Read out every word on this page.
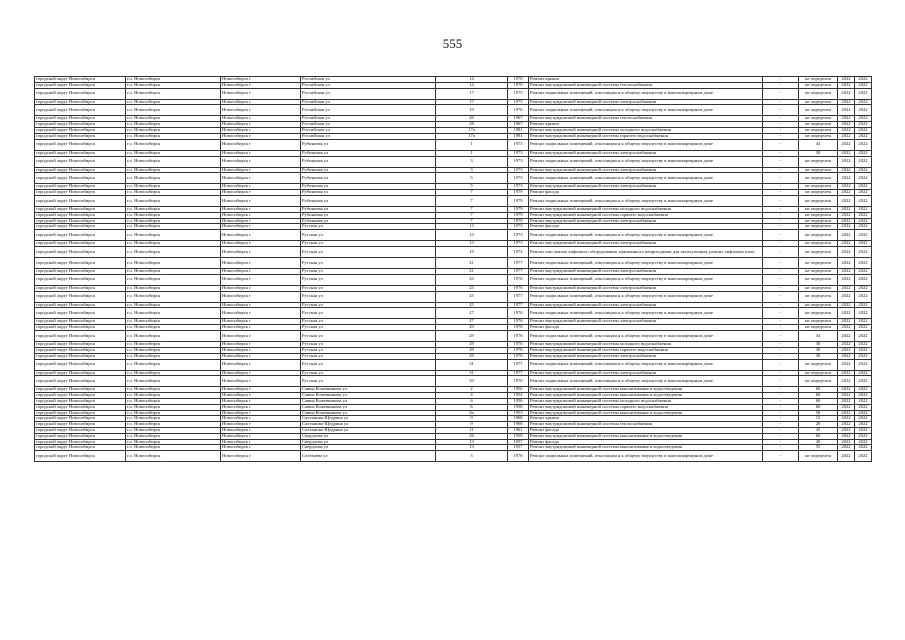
555
городской округ Новосибирск	г.о. Новосибирск	Новосибирск г	Российская ул	14	1970	Ремонт крыши	-	не определен	2022	2022
городской округ Новосибирск	г.о. Новосибирск	Новосибирск г	Российская ул	14	1970	Ремонт внутридомовой инженерной системы теплоснабжения	-	не определен	2022	2022
городской округ Новосибирск	г.о. Новосибирск	Новосибирск г	Российская ул	17	1975	Ремонт подвальных помещений, относящихся к общему имуществу в многоквартирном доме	-	не определен	2022	2022
городской округ Новосибирск	г.о. Новосибирск	Новосибирск г	Российская ул	17	1975	Ремонт внутридомовой инженерной системы электроснабжения	-	не определен	2022	2022
городской округ Новосибирск	г.о. Новосибирск	Новосибирск г	Российская ул	19	1976	Ремонт подвальных помещений, относящихся к общему имуществу в многоквартирном доме	-	не определен	2022	2022
городской округ Новосибирск	г.о. Новосибирск	Новосибирск г	Российская ул	26	1967	Ремонт внутридомовой инженерной системы теплоснабжения	-	не определен	2022	2022
городской округ Новосибирск	г.о. Новосибирск	Новосибирск г	Российская ул	28	1967	Ремонт крыши	-	не определен	2022	2022
городской округ Новосибирск	г.о. Новосибирск	Новосибирск г	Российская ул	17а	1981	Ремонт внутридомовой инженерной системы холодного водоснабжения	-	не определен	2022	2022
городской округ Новосибирск	г.о. Новосибирск	Новосибирск г	Российская ул	17а	1981	Ремонт внутридомовой инженерной системы горячего водоснабжения	-	не определен	2022	2022
городской округ Новосибирск	г.о. Новосибирск	Новосибирск г	Рубиновая ул	1	1973	Ремонт подвальных помещений, относящихся к общему имуществу в многоквартирном доме	-	44	2022	2022
городской округ Новосибирск	г.о. Новосибирск	Новосибирск г	Рубиновая ул	1	1973	Ремонт внутридомовой инженерной системы электроснабжения	-	30	2022	2022
городской округ Новосибирск	г.о. Новосибирск	Новосибирск г	Рубиновая ул	3	1973	Ремонт подвальных помещений, относящихся к общему имуществу в многоквартирном доме	-	не определен	2022	2022
городской округ Новосибирск	г.о. Новосибирск	Новосибирск г	Рубиновая ул	3	1973	Ремонт внутридомовой инженерной системы электроснабжения	-	не определен	2022	2022
городской округ Новосибирск	г.о. Новосибирск	Новосибирск г	Рубиновая ул	5	1973	Ремонт подвальных помещений, относящихся к общему имуществу в многоквартирном доме	-	не определен	2022	2022
городской округ Новосибирск	г.о. Новосибирск	Новосибирск г	Рубиновая ул	5	1973	Ремонт внутридомовой инженерной системы электроснабжения	-	не определен	2022	2022
городской округ Новосибирск	г.о. Новосибирск	Новосибирск г	Рубиновая ул	7	1979	Ремонт фасада	-	не определен	2022	2022
городской округ Новосибирск	г.о. Новосибирск	Новосибирск г	Рубиновая ул	7	1979	Ремонт подвальных помещений, относящихся к общему имуществу в многоквартирном доме	-	не определен	2022	2022
городской округ Новосибирск	г.о. Новосибирск	Новосибирск г	Рубиновая ул	7	1979	Ремонт внутридомовой инженерной системы холодного водоснабжения	-	не определен	2022	2022
городской округ Новосибирск	г.о. Новосибирск	Новосибирск г	Рубиновая ул	7	1979	Ремонт внутридомовой инженерной системы горячего водоснабжения	-	не определен	2022	2022
городской округ Новосибирск	г.о. Новосибирск	Новосибирск г	Рубиновая ул	7	1979	Ремонт внутридомовой инженерной системы электроснабжения	-	не определен	2022	2022
городской округ Новосибирск	г.о. Новосибирск	Новосибирск г	Русская ул	13	1973	Ремонт фасада	-	не определен	2022	2022
городской округ Новосибирск	г.о. Новосибирск	Новосибирск г	Русская ул	13	1973	Ремонт подвальных помещений, относящихся к общему имуществу в многоквартирном доме	-	не определен	2022	2022
городской округ Новосибирск	г.о. Новосибирск	Новосибирск г	Русская ул	13	1973	Ремонт внутридомовой инженерной системы электроснабжения	-	не определен	2022	2022
городской округ Новосибирск	г.о. Новосибирск	Новосибирск г	Русская ул	19	1972	Ремонт или замена лифтового оборудования, признанного непригодным для эксплуатации, ремонт лифтовых шахт	-	не определен	2022	2022
городской округ Новосибирск	г.о. Новосибирск	Новосибирск г	Русская ул	21	1977	Ремонт подвальных помещений, относящихся к общему имуществу в многоквартирном доме	-	не определен	2022	2022
городской округ Новосибирск	г.о. Новосибирск	Новосибирск г	Русская ул	21	1977	Ремонт внутридомовой инженерной системы электроснабжения	-	не определен	2022	2022
городской округ Новосибирск	г.о. Новосибирск	Новосибирск г	Русская ул	23	1976	Ремонт подвальных помещений, относящихся к общему имуществу в многоквартирном доме	-	не определен	2022	2022
городской округ Новосибирск	г.о. Новосибирск	Новосибирск г	Русская ул	23	1976	Ремонт внутридомовой инженерной системы электроснабжения	-	не определен	2022	2022
городской округ Новосибирск	г.о. Новосибирск	Новосибирск г	Русская ул	25	1977	Ремонт подвальных помещений, относящихся к общему имуществу в многоквартирном доме	-	не определен	2022	2022
городской округ Новосибирск	г.о. Новосибирск	Новосибирск г	Русская ул	25	1977	Ремонт внутридомовой инженерной системы электроснабжения	-	не определен	2022	2022
городской округ Новосибирск	г.о. Новосибирск	Новосибирск г	Русская ул	27	1976	Ремонт подвальных помещений, относящихся к общему имуществу в многоквартирном доме	-	не определен	2022	2022
городской округ Новосибирск	г.о. Новосибирск	Новосибирск г	Русская ул	27	1976	Ремонт внутридомовой инженерной системы электроснабжения	-	не определен	2022	2022
городской округ Новосибирск	г.о. Новосибирск	Новосибирск г	Русская ул	29	1976	Ремонт фасада	-	не определен	2022	2022
городской округ Новосибирск	г.о. Новосибирск	Новосибирск г	Русская ул	29	1976	Ремонт подвальных помещений, относящихся к общему имуществу в многоквартирном доме	-	34	2022	2022
городской округ Новосибирск	г.о. Новосибирск	Новосибирск г	Русская ул	29	1976	Ремонт внутридомовой инженерной системы холодного водоснабжения	-	30	2022	2022
городской округ Новосибирск	г.о. Новосибирск	Новосибирск г	Русская ул	29	1976	Ремонт внутридомовой инженерной системы горячего водоснабжения	-	30	2022	2022
городской округ Новосибирск	г.о. Новосибирск	Новосибирск г	Русская ул	29	1976	Ремонт внутридомовой инженерной системы электроснабжения	-	30	2022	2022
городской округ Новосибирск	г.о. Новосибирск	Новосибирск г	Русская ул	31	1977	Ремонт подвальных помещений, относящихся к общему имуществу в многоквартирном доме	-	не определен	2022	2022
городской округ Новосибирск	г.о. Новосибирск	Новосибирск г	Русская ул	31	1977	Ремонт внутридомовой инженерной системы электроснабжения	-	не определен	2022	2022
городской округ Новосибирск	г.о. Новосибирск	Новосибирск г	Русская ул	33	1976	Ремонт подвальных помещений, относящихся к общему имуществу в многоквартирном доме	-	не определен	2022	2022
городской округ Новосибирск	г.о. Новосибирск	Новосибирск г	Саввы Кожевникова ул	2	1956	Ремонт внутридомовой инженерной системы канализования и водоотведения	-	60	2022	2022
городской округ Новосибирск	г.о. Новосибирск	Новосибирск г	Саввы Кожевникова ул	4	1954	Ремонт внутридомовой инженерной системы канализования и водоотведения	-	60	2022	2022
городской округ Новосибирск	г.о. Новосибирск	Новосибирск г	Саввы Кожевникова ул	6	1956	Ремонт внутридомовой инженерной системы холодного водоснабжения	-	60	2022	2022
городской округ Новосибирск	г.о. Новосибирск	Новосибирск г	Саввы Кожевникова ул	6	1956	Ремонт внутридомовой инженерной системы горячего водоснабжения	-	60	2022	2022
городской округ Новосибирск	г.о. Новосибирск	Новосибирск г	Саввы Кожевникова ул	6а	1953	Ремонт внутридомовой инженерной системы канализования и водоотведения	-	58	2022	2022
городской округ Новосибирск	г.о. Новосибирск	Новосибирск г	Салтыкова-Щедрина ул	9	1968	Ремонт крыши	-	15	2022	2022
городской округ Новосибирск	г.о. Новосибирск	Новосибирск г	Салтыкова-Щедрина ул	9	1968	Ремонт внутридомовой инженерной системы теплоснабжения	-	20	2022	2022
городской округ Новосибирск	г.о. Новосибирск	Новосибирск г	Салтыкова-Щедрина ул	11	1961	Ремонт фасада	-	45	2022	2022
городской округ Новосибирск	г.о. Новосибирск	Новосибирск г	Свердлова ул	26	1959	Ремонт внутридомовой инженерной системы канализования и водоотведения	-	60	2022	2022
городской округ Новосибирск	г.о. Новосибирск	Новосибирск г	Свердлова ул	13	1957	Ремонт фасада	-	40	2022	2022
городской округ Новосибирск	г.о. Новосибирск	Новосибирск г	Свердлова ул	13	1957	Ремонт внутридомовой инженерной системы канализования и водоотведения	-	55	2022	2022
городской округ Новосибирск	г.о. Новосибирск	Новосибирск г	Селезнева ул	3	1976	Ремонт подвальных помещений, относящихся к общему имуществу в многоквартирном доме	-	не определен	2022	2022
